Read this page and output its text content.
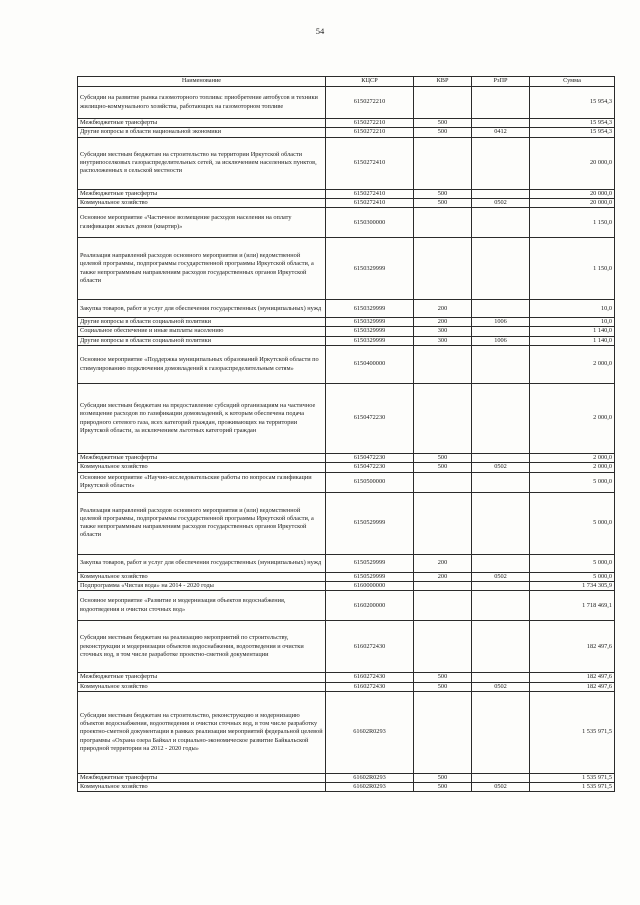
54
Наименование	КЦСР	КВР	РзПР	Сумма
Субсидии на развитие рынка газомоторного топлива: приобретение автобусов и техники жилищно-коммунального хозяйства, работающих на газомоторном топливе	6150272210			15 954,3
Межбюджетные трансферты	6150272210	500		15 954,3
Другие вопросы в области национальной экономики	6150272210	500	0412	15 954,3
Субсидии местным бюджетам на строительство на территории Иркутской области внутрипоселковых газораспределительных сетей, за исключением населенных пунктов, расположенных в сельской местности	6150272410			20 000,0
Межбюджетные трансферты	6150272410	500		20 000,0
Коммунальное хозяйство	6150272410	500	0502	20 000,0
Основное мероприятие «Частичное возмещение расходов населения на оплату газификации жилых домов (квартир)»	6150300000			1 150,0
Реализация направлений расходов основного мероприятия и (или) ведомственной целевой программы, подпрограммы государственной программы Иркутской области, а также непрограммным направлениям расходов государственных органов Иркутской области	6150329999			1 150,0
Закупка товаров, работ и услуг для обеспечения государственных (муниципальных) нужд	6150329999	200		10,0
Другие вопросы в области социальной политики	6150329999	200	1006	10,0
Социальное обеспечение и иные выплаты населению	6150329999	300		1 140,0
Другие вопросы в области социальной политики	6150329999	300	1006	1 140,0
Основное мероприятие «Поддержка муниципальных образований Иркутской области по стимулированию подключения домовладений к газораспределительным сетям»	6150400000			2 000,0
Субсидии местным бюджетам на предоставление субсидий организациям на частичное возмещение расходов по газификации домовладений, к которым обеспечена подача природного сетевого газа, всех категорий граждан, проживающих на территории Иркутской области, за исключением льготных категорий граждан	6150472230			2 000,0
Межбюджетные трансферты	6150472230	500		2 000,0
Коммунальное хозяйство	6150472230	500	0502	2 000,0
Основное мероприятие «Научно-исследовательские работы по вопросам газификации Иркутской области»	6150500000			5 000,0
Реализация направлений расходов основного мероприятия и (или) ведомственной целевой программы, подпрограммы государственной программы Иркутской области, а также непрограммным направлениям расходов государственных органов Иркутской области	6150529999			5 000,0
Закупка товаров, работ и услуг для обеспечения государственных (муниципальных) нужд	6150529999	200		5 000,0
Коммунальное хозяйство	6150529999	200	0502	5 000,0
Подпрограмма «Чистая вода» на 2014 - 2020 годы	6160000000			1 734 305,9
Основное мероприятие «Развитие и модернизация объектов водоснабжения, водоотведения и очистки сточных вод»	6160200000			1 718 469,1
Субсидии местным бюджетам на реализацию мероприятий по строительству, реконструкции и модернизации объектов водоснабжения, водоотведения и очистки сточных вод, в том числе разработке проектно-сметной документации	6160272430			182 497,6
Межбюджетные трансферты	6160272430	500		182 497,6
Коммунальное хозяйство	6160272430	500	0502	182 497,6
Субсидии местным бюджетам на строительство, реконструкцию и модернизацию объектов водоснабжения, водоотведения и очистки сточных вод, в том числе разработку проектно-сметной документации в рамках реализации мероприятий федеральной целевой программы «Охрана озера Байкал и социально-экономическое развитие Байкальской природной территории на 2012 - 2020 годы»	61602R0293			1 535 971,5
Межбюджетные трансферты	61602R0293	500		1 535 971,5
Коммунальное хозяйство	61602R0293	500	0502	1 535 971,5
